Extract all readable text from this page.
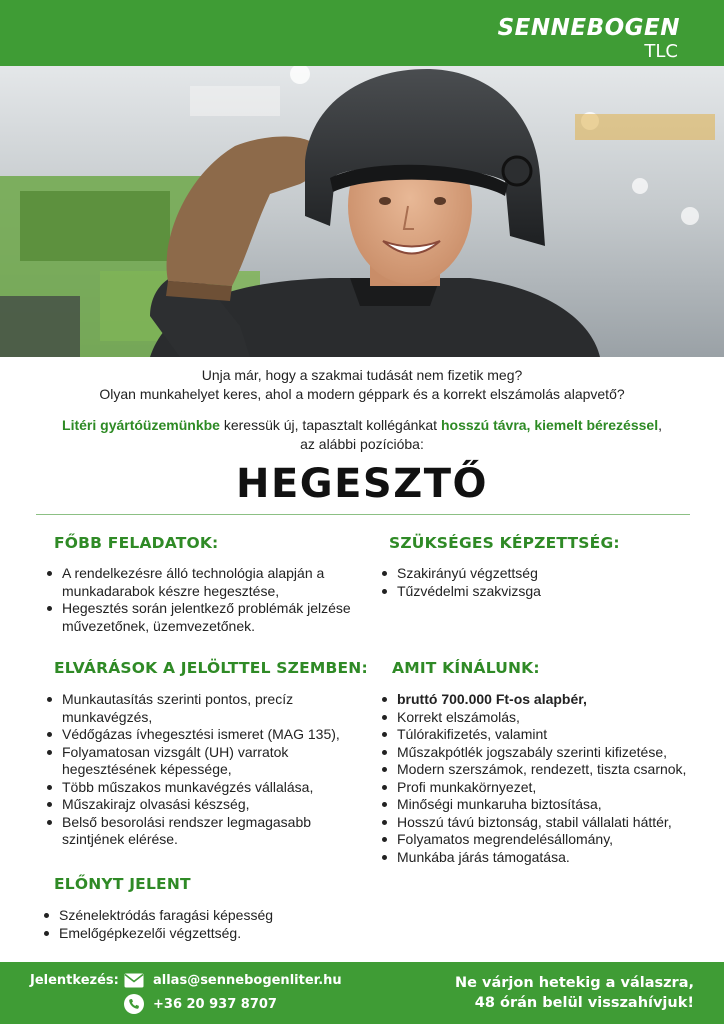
SENNEBOGEN
TLC
Unja már, hogy a szakmai tudását nem fizetik meg?
Olyan munkahelyet keres, ahol a modern géppark és a korrekt elszámolás alapvető?
Litéri gyártóüzemünkbe keressük új, tapasztalt kollégánkat hosszú távra, kiemelt bérezéssel,
az alábbi pozícióba:
HEGESZTŐ
FŐBB FELADATOK:
A rendelkezésre álló technológia alapján a munkadarabok készre hegesztése,
Hegesztés során jelentkező problémák jelzése művezetőnek, üzemvezetőnek.
ELVÁRÁSOK A JELÖLTTEL SZEMBEN:
Munkautasítás szerinti pontos, precíz munkavégzés,
Védőgázas ívhegesztési ismeret (MAG 135),
Folyamatosan vizsgált (UH) varratok hegesztésének képessége,
Több műszakos munkavégzés vállalása,
Műszakirajz olvasási készség,
Belső besorolási rendszer legmagasabb szintjének elérése.
ELŐNYT JELENT
Szénelektródás faragási képesség
Emelőgépkezelői végzettség.
SZÜKSÉGES KÉPZETTSÉG:
Szakirányú végzettség
Tűzvédelmi szakvizsga
AMIT KÍNÁLUNK:
bruttó 700.000 Ft-os alapbér,
Korrekt elszámolás,
Túlórakifizetés, valamint
Műszakpótlék jogszabály szerinti kifizetése,
Modern szerszámok, rendezett, tiszta csarnok,
Profi munkakörnyezet,
Minőségi munkaruha biztosítása,
Hosszú távú biztonság, stabil vállalati háttér,
Folyamatos megrendelésállomány,
Munkába járás támogatása.
Jelentkezés:	allas@sennebogenliter.hu
+36 20 937 8707
Ne várjon hetekig a válaszra,
48 órán belül visszahívjuk!
